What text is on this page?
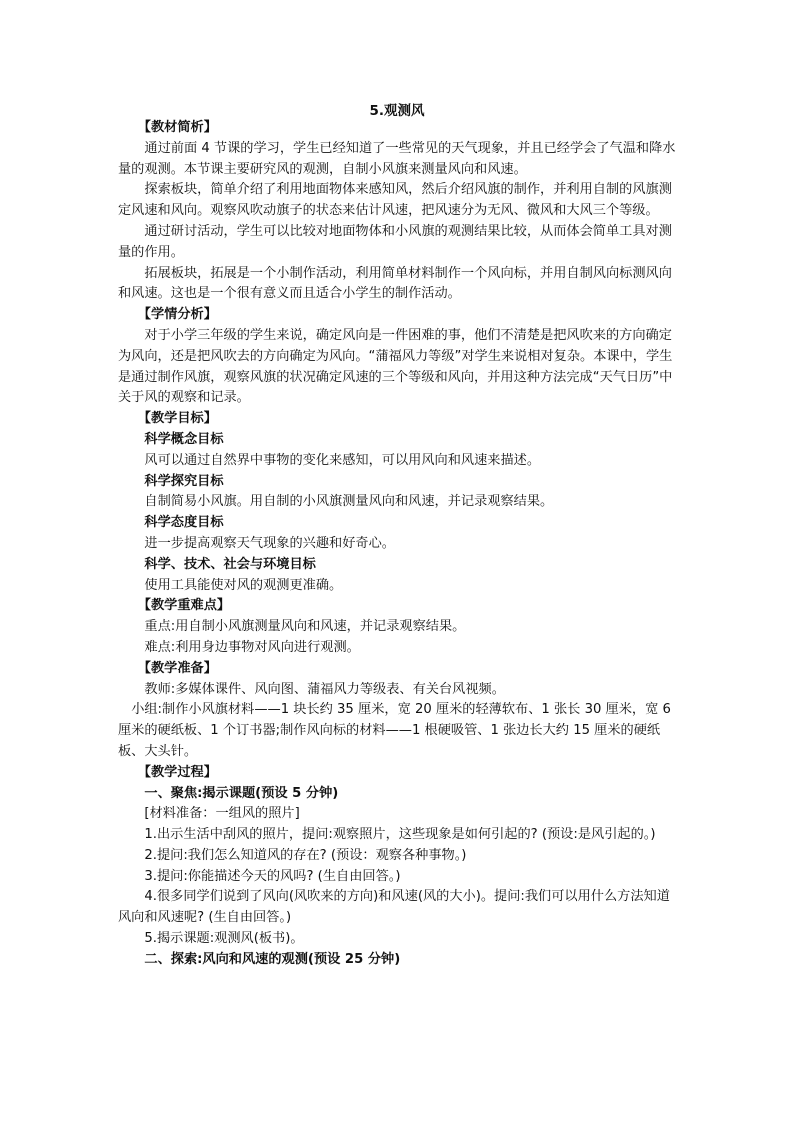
5.观测风

【教材简析】

通过前面 4 节课的学习，学生已经知道了一些常见的天气现象，并且已经学会了气温和降水量的观测。本节课主要研究风的观测，自制小风旗来测量风向和风速。

探索板块，简单介绍了利用地面物体来感知风，然后介绍风旗的制作，并利用自制的风旗测定风速和风向。观察风吹动旗子的状态来估计风速，把风速分为无风、微风和大风三个等级。

通过研讨活动，学生可以比较对地面物体和小风旗的观测结果比较，从而体会简单工具对测量的作用。

拓展板块，拓展是一个小制作活动，利用简单材料制作一个风向标，并用自制风向标测风向和风速。这也是一个很有意义而且适合小学生的制作活动。

【学情分析】

对于小学三年级的学生来说，确定风向是一件困难的事，他们不清楚是把风吹来的方向确定为风向，还是把风吹去的方向确定为风向。“蒲福风力等级”对学生来说相对复杂。本课中，学生是通过制作风旗，观察风旗的状况确定风速的三个等级和风向，并用这种方法完成“天气日历”中关于风的观察和记录。

【教学目标】

科学概念目标

风可以通过自然界中事物的变化来感知，可以用风向和风速来描述。

科学探究目标

自制简易小风旗。用自制的小风旗测量风向和风速，并记录观察结果。

科学态度目标

进一步提高观察天气现象的兴趣和好奇心。

科学、技术、社会与环境目标

使用工具能使对风的观测更准确。

【教学重难点】

重点:用自制小风旗测量风向和风速，并记录观察结果。

难点:利用身边事物对风向进行观测。

【教学准备】

教师:多媒体课件、风向图、蒲福风力等级表、有关台风视频。

小组:制作小风旗材料——1 块长约 35 厘米，宽 20 厘米的轻薄软布、1 张长 30 厘米，宽 6 厘米的硬纸板、1 个订书器;制作风向标的材料——1 根硬吸管、1 张边长大约 15 厘米的硬纸板、大头针。

【教学过程】

一、聚焦:揭示课题(预设 5 分钟)

[材料准备：一组风的照片]

1.出示生活中刮风的照片，提问:观察照片，这些现象是如何引起的? (预设:是风引起的。)

2.提问:我们怎么知道风的存在? (预设：观察各种事物。)

3.提问:你能描述今天的风吗? (生自由回答。)

4.很多同学们说到了风向(风吹来的方向)和风速(风的大小)。提问:我们可以用什么方法知道风向和风速呢? (生自由回答。)

5.揭示课题:观测风(板书)。

二、探索:风向和风速的观测(预设 25 分钟)
